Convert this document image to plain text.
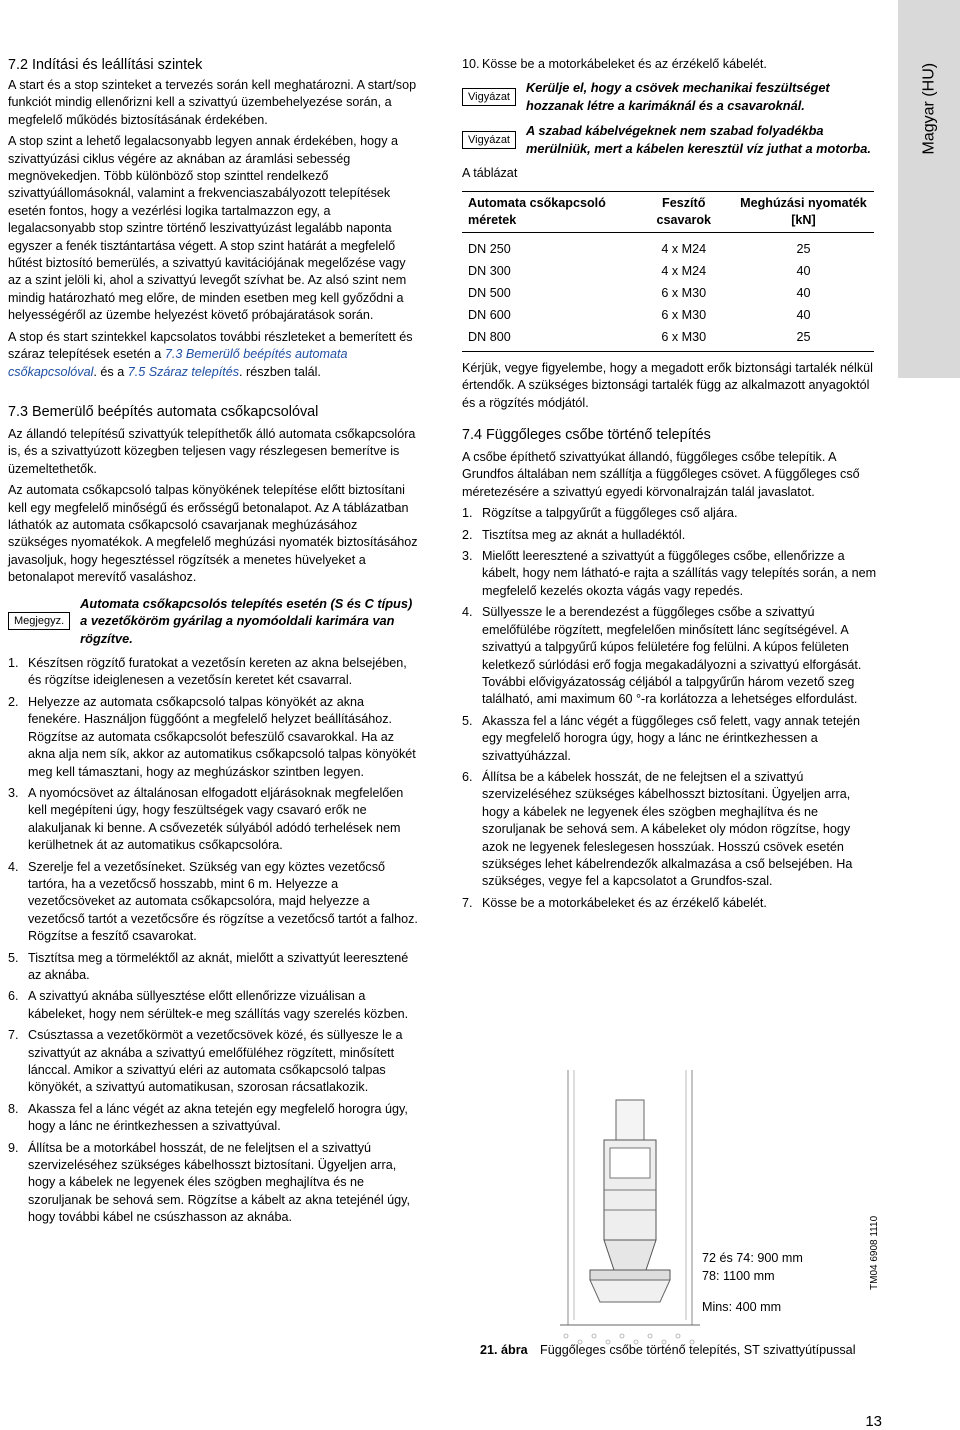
Magyar (HU)
7.2 Indítási és leállítási szintek

A start és a stop szinteket a tervezés során kell meghatározni. A start/sop funkciót mindig ellenőrizni kell a szivattyú üzembehelyezése során, a megfelelő működés biztosításának érdekében.

A stop szint a lehető legalacsonyabb legyen annak érdekében, hogy a szivattyúzási ciklus végére az aknában az áramlási sebesség megnövekedjen. Több különböző stop szinttel rendelkező szivattyúállomásoknál, valamint a frekvenciaszabályozott telepítések esetén fontos, hogy a vezérlési logika tartalmazzon egy, a legalacsonyabb stop szintre történő leszivattyúzást legalább naponta egyszer a fenék tisztántartása végett. A stop szint határát a megfelelő hűtést biztosító bemerülés, a szivattyú kavitációjának megelőzése vagy az a szint jelöli ki, ahol a szivattyú levegőt szívhat be. Az alsó szint nem mindig határozható meg előre, de minden esetben meg kell győződni a helyességéről az üzembe helyezést követő próbajáratások során.

A stop és start szintekkel kapcsolatos további részleteket a bemerített és száraz telepítések esetén a 7.3 Bemerülő beépítés automata csőkapcsolóval. és a 7.5 Száraz telepítés. részben talál.

7.3 Bemerülő beépítés automata csőkapcsolóval

Az állandó telepítésű szivattyúk telepíthetők álló automata csőkapcsolóra is, és a szivattyúzott közegben teljesen vagy részlegesen bemerítve is üzemeltethetők.

Az automata csőkapcsoló talpas könyökének telepítése előtt biztosítani kell egy megfelelő minőségű és erősségű betonalapot. Az A táblázatban láthatók az automata csőkapcsoló csavarjanak meghúzásához szükséges nyomatékok. A megfelelő meghúzási nyomaték biztosításához javasoljuk, hogy hegesztéssel rögzítsék a menetes hüvelyeket a betonalapot merevítő vasaláshoz.

Megjegyz.
Automata csőkapcsolós telepítés esetén (S és C típus) a vezetőköröm gyárilag a nyomóoldali karimára van rögzítve.
1. Készítsen rögzítő furatokat a vezetősín kereten az akna belsejében, és rögzítse ideiglenesen a vezetősín keretet két csavarral.
2. Helyezze az automata csőkapcsoló talpas könyökét az akna fenekére. Használjon függőónt a megfelelő helyzet beállításához. Rögzítse az automata csőkapcsolót befeszülő csavarokkal. Ha az akna alja nem sík, akkor az automatikus csőkapcsoló talpas könyökét meg kell támasztani, hogy az meghúzáskor szintben legyen.
3. A nyomócsövet az általánosan elfogadott eljárásoknak megfelelően kell megépíteni úgy, hogy feszültségek vagy csavaró erők ne alakuljanak ki benne. A csővezeték súlyából adódó terhelések nem kerülhetnek át az automatikus csőkapcsolóra.
4. Szerelje fel a vezetősíneket. Szükség van egy köztes vezetőcső tartóra, ha a vezetőcső hosszabb, mint 6 m. Helyezze a vezetőcsöveket az automata csőkapcsolóra, majd helyezze a vezetőcső tartót a vezetőcsőre és rögzítse a vezetőcső tartót a falhoz. Rögzítse a feszítő csavarokat.
5. Tisztítsa meg a törmeléktől az aknát, mielőtt a szivattyút leeresztené az aknába.
6. A szivattyú aknába süllyesztése előtt ellenőrizze vizuálisan a kábeleket, hogy nem sérültek-e meg szállítás vagy szerelés közben.
7. Csúsztassa a vezetőkörmöt a vezetőcsövek közé, és süllyesze le a szivattyút az aknába a szivattyú emelőfüléhez rögzített, minősített lánccal. Amikor a szivattyú eléri az automata csőkapcsoló talpas könyökét, a szivattyú automatikusan, szorosan rácsatlakozik.
8. Akassza fel a lánc végét az akna tetején egy megfelelő horogra úgy, hogy a lánc ne érintkezhessen a szivattyúval.
9. Állítsa be a motorkábel hosszát, de ne feleljtsen el a szivattyú szervizeléséhez szükséges kábelhosszt biztosítani. Ügyeljen arra, hogy a kábelek ne legyenek éles szögben meghajlítva és ne szoruljanak be sehová sem. Rögzítse a kábelt az akna tetejénél úgy, hogy további kábel ne csúszhasson az aknába.
10. Kösse be a motorkábeleket és az érzékelő kábelét.
Vigyázat
Kerülje el, hogy a csövek mechanikai feszültséget hozzanak létre a karimáknál és a csavaroknál.
Vigyázat
A szabad kábelvégeknek nem szabad folyadékba merülniük, mert a kábelen keresztül víz juthat a motorba.

A táblázat

Automata csőkapcsoló méretek	Feszítő csavarok	Meghúzási nyomaték [kN]
DN 250	4 x M24	25
DN 300	4 x M24	40
DN 500	6 x M30	40
DN 600	6 x M30	40
DN 800	6 x M30	25

Kérjük, vegye figyelembe, hogy a megadott erők biztonsági tartalék nélkül értendők. A szükséges biztonsági tartalék függ az alkalmazott anyagoktól és a rögzítés módjától.

7.4 Függőleges csőbe történő telepítés

A csőbe építhető szivattyúkat állandó, függőleges csőbe telepítik. A Grundfos általában nem szállítja a függőleges csövet. A függőleges cső méretezésére a szivattyú egyedi körvonalrajzán talál javaslatot.

1. Rögzítse a talpgyűrűt a függőleges cső aljára.
2. Tisztítsa meg az aknát a hulladéktól.
3. Mielőtt leeresztené a szivattyút a függőleges csőbe, ellenőrizze a kábelt, hogy nem látható-e rajta a szállítás vagy telepítés során, a nem megfelelő kezelés okozta vágás vagy repedés.
4. Süllyessze le a berendezést a függőleges csőbe a szivattyú emelőfülébe rögzített, megfelelően minősített lánc segítségével. A szivattyú a talpgyűrű kúpos felületére fog felülni. A kúpos felületen keletkező súrlódási erő fogja megakadályozni a szivattyú elforgását. További elővigyázatosság céljából a talpgyűrűn három vezető szeg található, ami maximum 60 °-ra korlátozza a lehetséges elfordulást.
5. Akassza fel a lánc végét a függőleges cső felett, vagy annak tetején egy megfelelő horogra úgy, hogy a lánc ne érintkezhessen a szivattyúházzal.
6. Állítsa be a kábelek hosszát, de ne felejtsen el a szivattyú szervizeléséhez szükséges kábelhosszt biztosítani. Ügyeljen arra, hogy a kábelek ne legyenek éles szögben meghajlítva és ne szoruljanak be sehová sem. A kábeleket oly módon rögzítse, hogy azok ne legyenek feleslegesen hosszúak. Hosszú csövek esetén szükséges lehet kábelrendezők alkalmazása a cső belsejében. Ha szükséges, vegye fel a kapcsolatot a Grundfos-szal.
7. Kösse be a motorkábeleket és az érzékelő kábelét.
72 és 74: 900 mm
78: 1100 mm
Mins: 400 mm
TM04 6908 1110
21. ábra Függőleges csőbe történő telepítés, ST szivattyútípussal
13
